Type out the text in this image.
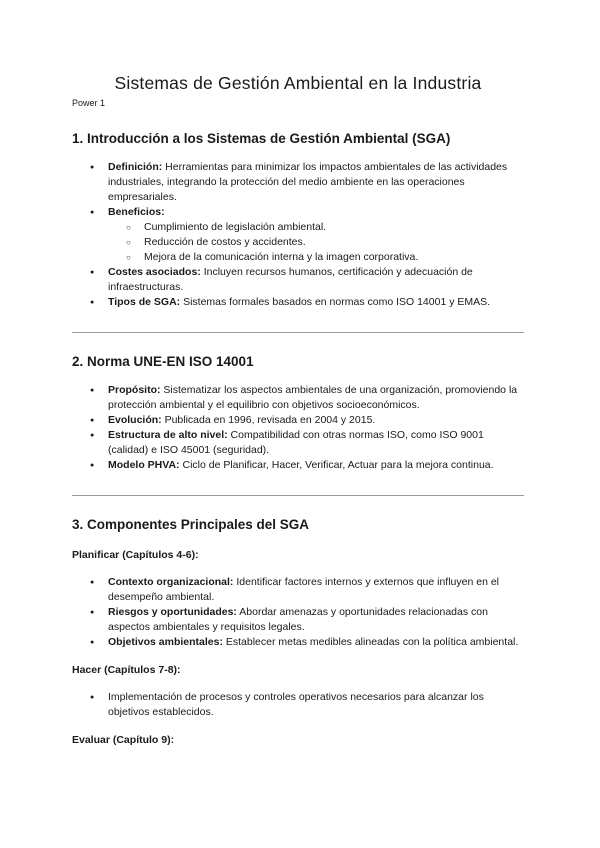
Sistemas de Gestión Ambiental en la Industria
Power 1
1. Introducción a los Sistemas de Gestión Ambiental (SGA)
● Definición: Herramientas para minimizar los impactos ambientales de las actividades industriales, integrando la protección del medio ambiente en las operaciones empresariales.
● Beneficios:
○ Cumplimiento de legislación ambiental.
○ Reducción de costos y accidentes.
○ Mejora de la comunicación interna y la imagen corporativa.
● Costes asociados: Incluyen recursos humanos, certificación y adecuación de infraestructuras.
● Tipos de SGA: Sistemas formales basados en normas como ISO 14001 y EMAS.
2. Norma UNE-EN ISO 14001
● Propósito: Sistematizar los aspectos ambientales de una organización, promoviendo la protección ambiental y el equilibrio con objetivos socioeconómicos.
● Evolución: Publicada en 1996, revisada en 2004 y 2015.
● Estructura de alto nivel: Compatibilidad con otras normas ISO, como ISO 9001 (calidad) e ISO 45001 (seguridad).
● Modelo PHVA: Ciclo de Planificar, Hacer, Verificar, Actuar para la mejora continua.
3. Componentes Principales del SGA
Planificar (Capítulos 4-6):
● Contexto organizacional: Identificar factores internos y externos que influyen en el desempeño ambiental.
● Riesgos y oportunidades: Abordar amenazas y oportunidades relacionadas con aspectos ambientales y requisitos legales.
● Objetivos ambientales: Establecer metas medibles alineadas con la política ambiental.
Hacer (Capítulos 7-8):
● Implementación de procesos y controles operativos necesarios para alcanzar los objetivos establecidos.
Evaluar (Capítulo 9):
